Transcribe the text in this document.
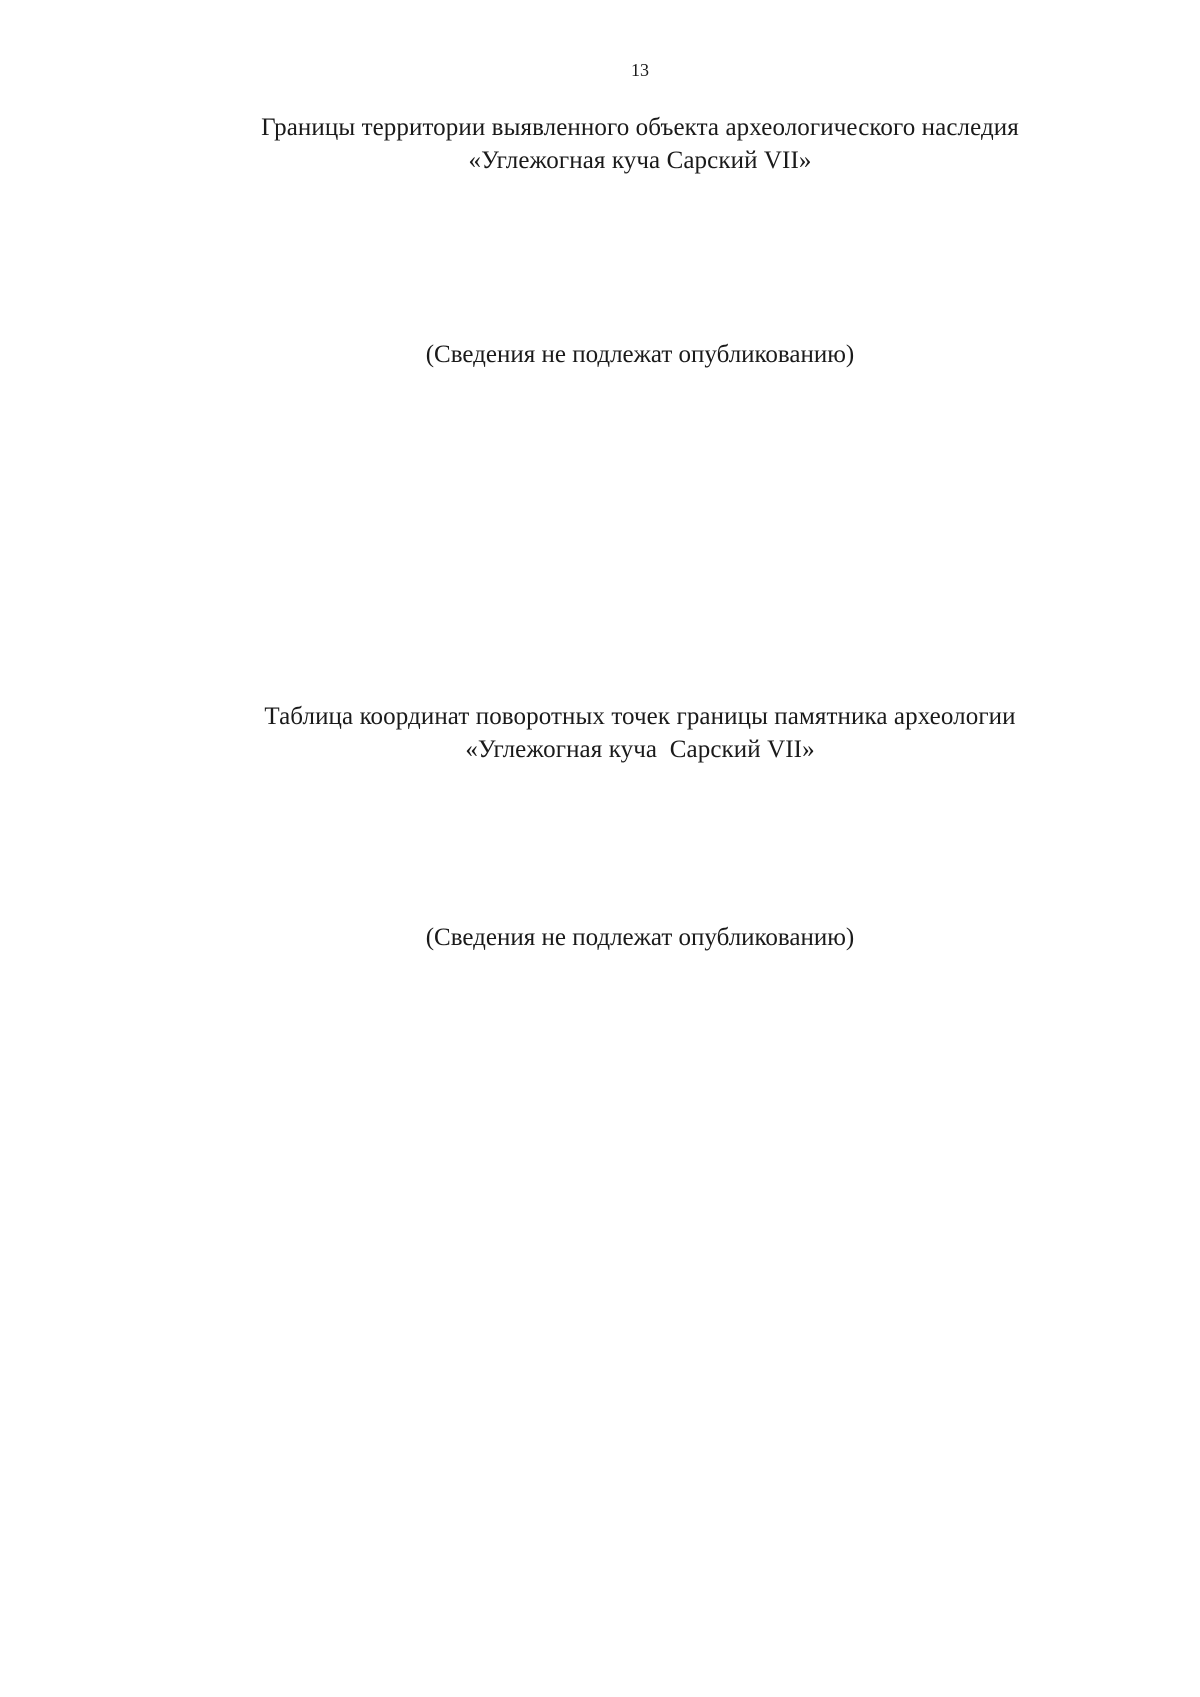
13
Границы территории выявленного объекта археологического наследия
«Углежогная куча Сарский VII»
(Сведения не подлежат опубликованию)
Таблица координат поворотных точек границы памятника археологии
«Углежогная куча  Сарский VII»
(Сведения не подлежат опубликованию)
